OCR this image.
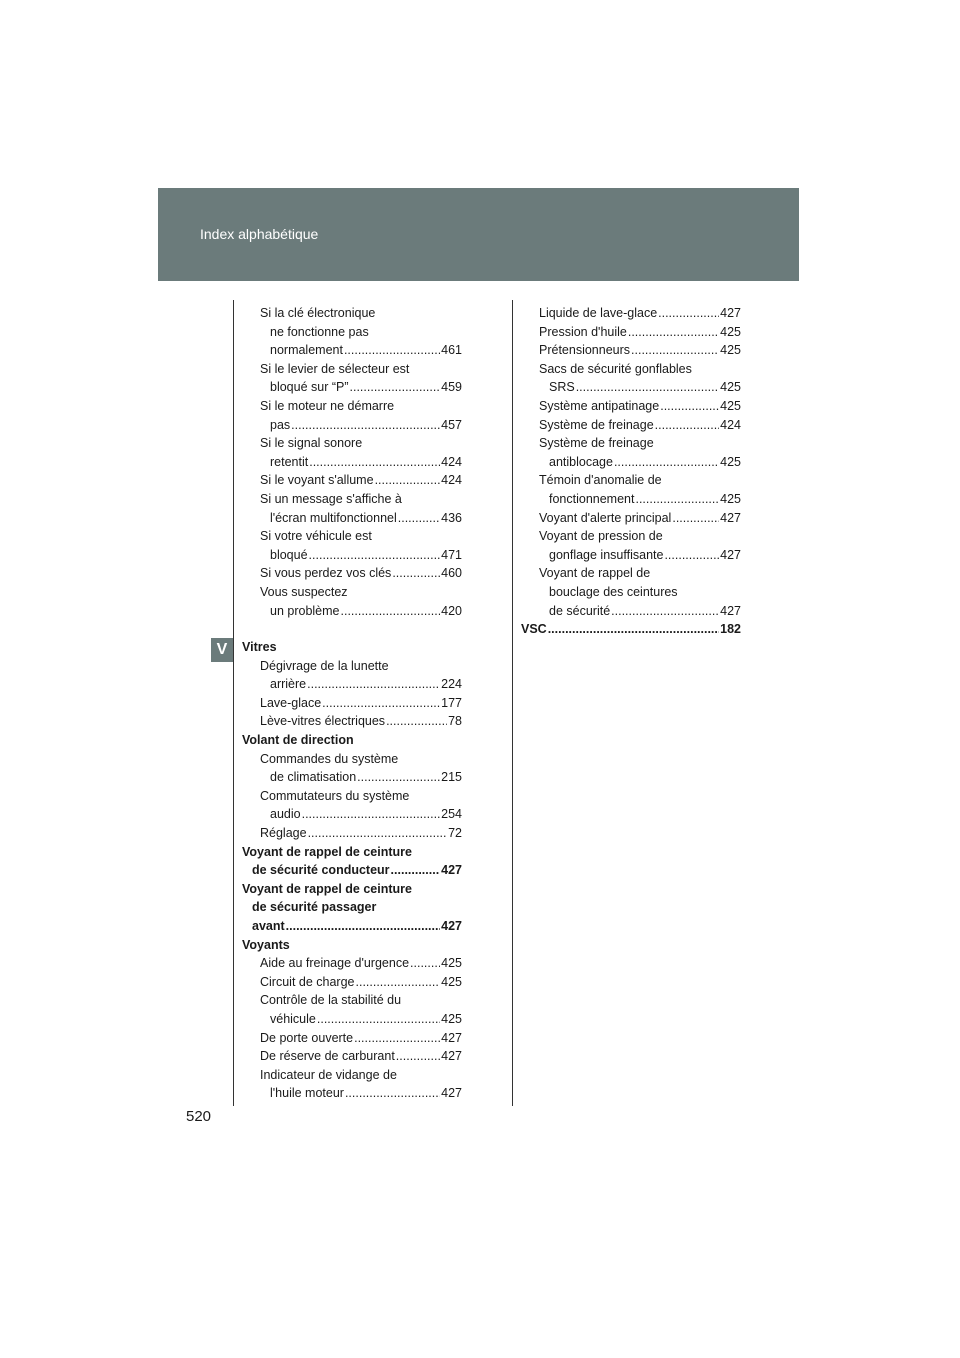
Index alphabétique
V
Si la clé électronique
ne fonctionne pas
normalement .....	461
Si le levier de sélecteur est
bloqué sur “P” .....	459
Si le moteur ne démarre
pas .....	457
Si le signal sonore
retentit .....	424
Si le voyant s'allume .....	424
Si un message s'affiche à
l'écran multifonctionnel .....	436
Si votre véhicule est
bloqué .....	471
Si vous perdez vos clés .....	460
Vous suspectez
un problème .....	420
Vitres
Dégivrage de la lunette
arrière .....	224
Lave-glace .....	177
Lève-vitres électriques .....	78
Volant de direction
Commandes du système
de climatisation .....	215
Commutateurs du système
audio .....	254
Réglage .....	72
Voyant de rappel de ceinture
de sécurité conducteur .....	427
Voyant de rappel de ceinture
de sécurité passager
avant .....	427
Voyants
Aide au freinage d'urgence .....	425
Circuit de charge .....	425
Contrôle de la stabilité du
véhicule .....	425
De porte ouverte .....	427
De réserve de carburant .....	427
Indicateur de vidange de
l'huile moteur .....	427
Liquide de lave-glace .....	427
Pression d'huile .....	425
Prétensionneurs .....	425
Sacs de sécurité gonflables
SRS .....	425
Système antipatinage .....	425
Système de freinage .....	424
Système de freinage
antiblocage .....	425
Témoin d'anomalie de
fonctionnement .....	425
Voyant d'alerte principal .....	427
Voyant de pression de
gonflage insuffisante .....	427
Voyant de rappel de
bouclage des ceintures
de sécurité .....	427
VSC .....	182
520
